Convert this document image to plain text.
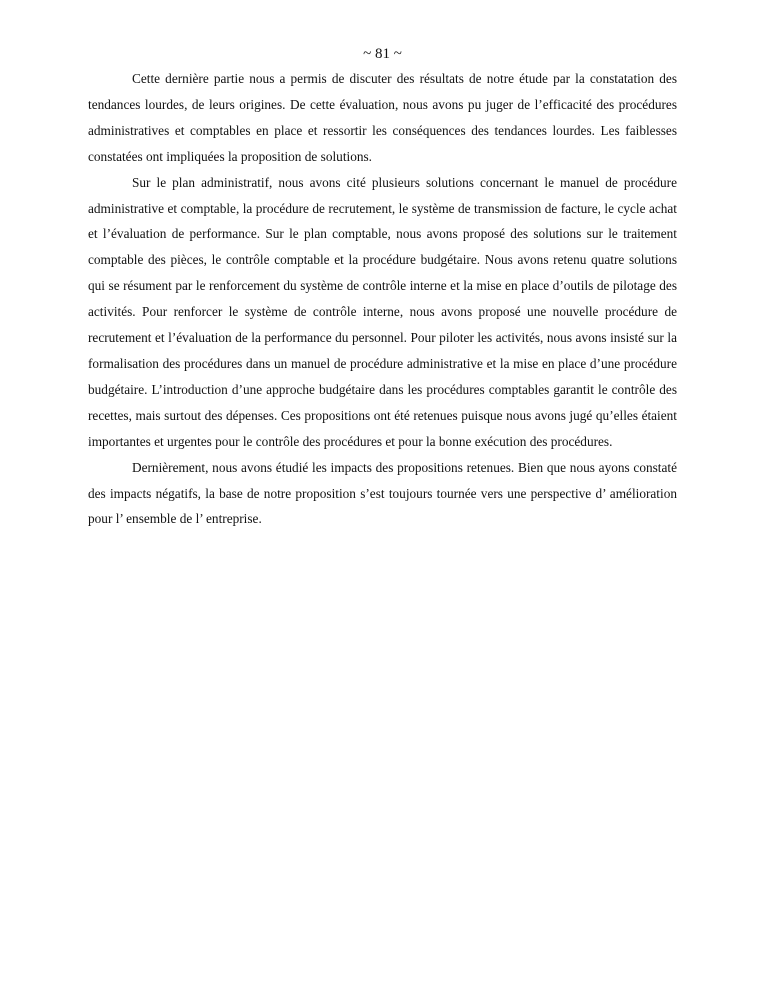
~ 81 ~

Cette dernière partie nous a permis de discuter des résultats de notre étude par la constatation des tendances lourdes, de leurs origines. De cette évaluation, nous avons pu juger de l’efficacité des procédures administratives et comptables en place et ressortir les conséquences des tendances lourdes. Les faiblesses constatées ont impliquées la proposition de solutions.

Sur le plan administratif, nous avons cité plusieurs solutions concernant le manuel de procédure administrative et comptable, la procédure de recrutement, le système de transmission de facture, le cycle achat et l’évaluation de performance. Sur le plan comptable, nous avons proposé des solutions sur le traitement comptable des pièces, le contrôle comptable et la procédure budgétaire. Nous avons retenu quatre solutions qui se résument par le renforcement du système de contrôle interne et la mise en place d’outils de pilotage des activités. Pour renforcer le système de contrôle interne, nous avons proposé une nouvelle procédure de recrutement et l’évaluation de la performance du personnel. Pour piloter les activités, nous avons insisté sur la formalisation des procédures dans un manuel de procédure administrative et la mise en place d’une procédure budgétaire. L’introduction d’une approche budgétaire dans les procédures comptables garantit le contrôle des recettes, mais surtout des dépenses. Ces propositions ont été retenues puisque nous avons jugé qu’elles étaient importantes et urgentes pour le contrôle des procédures et pour la bonne exécution des procédures.

Dernièrement, nous avons étudié les impacts des propositions retenues. Bien que nous ayons constaté des impacts négatifs, la base de notre proposition s’est toujours tournée vers une perspective d’ amélioration pour l’ ensemble de l’ entreprise.
